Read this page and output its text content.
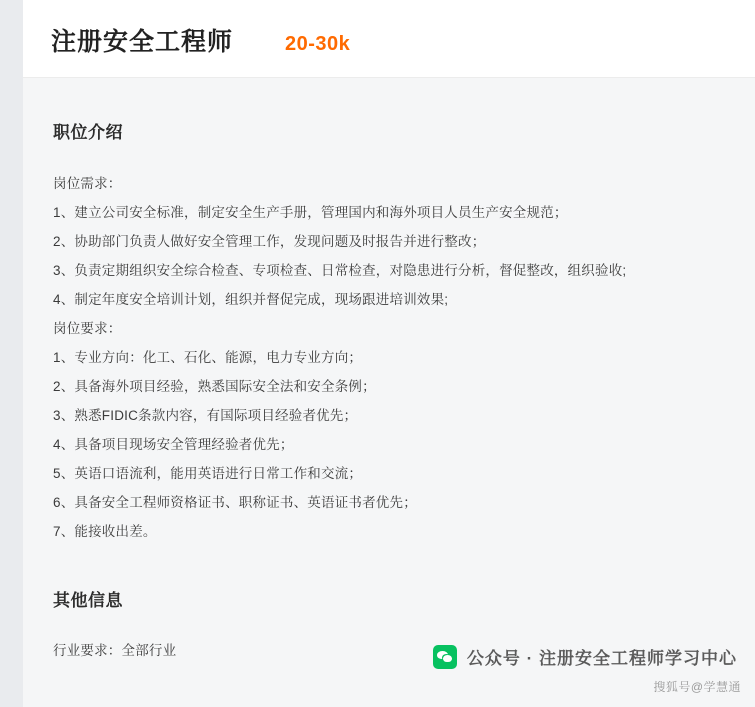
注册安全工程师	20-30k
职位介绍
岗位需求：
1、建立公司安全标准，制定安全生产手册，管理国内和海外项目人员生产安全规范；
2、协助部门负责人做好安全管理工作，发现问题及时报告并进行整改；
3、负责定期组织安全综合检查、专项检查、日常检查，对隐患进行分析，督促整改，组织验收;
4、制定年度安全培训计划，组织并督促完成，现场跟进培训效果;
岗位要求：
1、专业方向：化工、石化、能源，电力专业方向；
2、具备海外项目经验，熟悉国际安全法和安全条例；
3、熟悉FIDIC条款内容，有国际项目经验者优先；
4、具备项目现场安全管理经验者优先；
5、英语口语流利，能用英语进行日常工作和交流；
6、具备安全工程师资格证书、职称证书、英语证书者优先；
7、能接收出差。
其他信息
行业要求：全部行业	公众号 · 注册安全工程师学习中心
搜狐号@学慧通
